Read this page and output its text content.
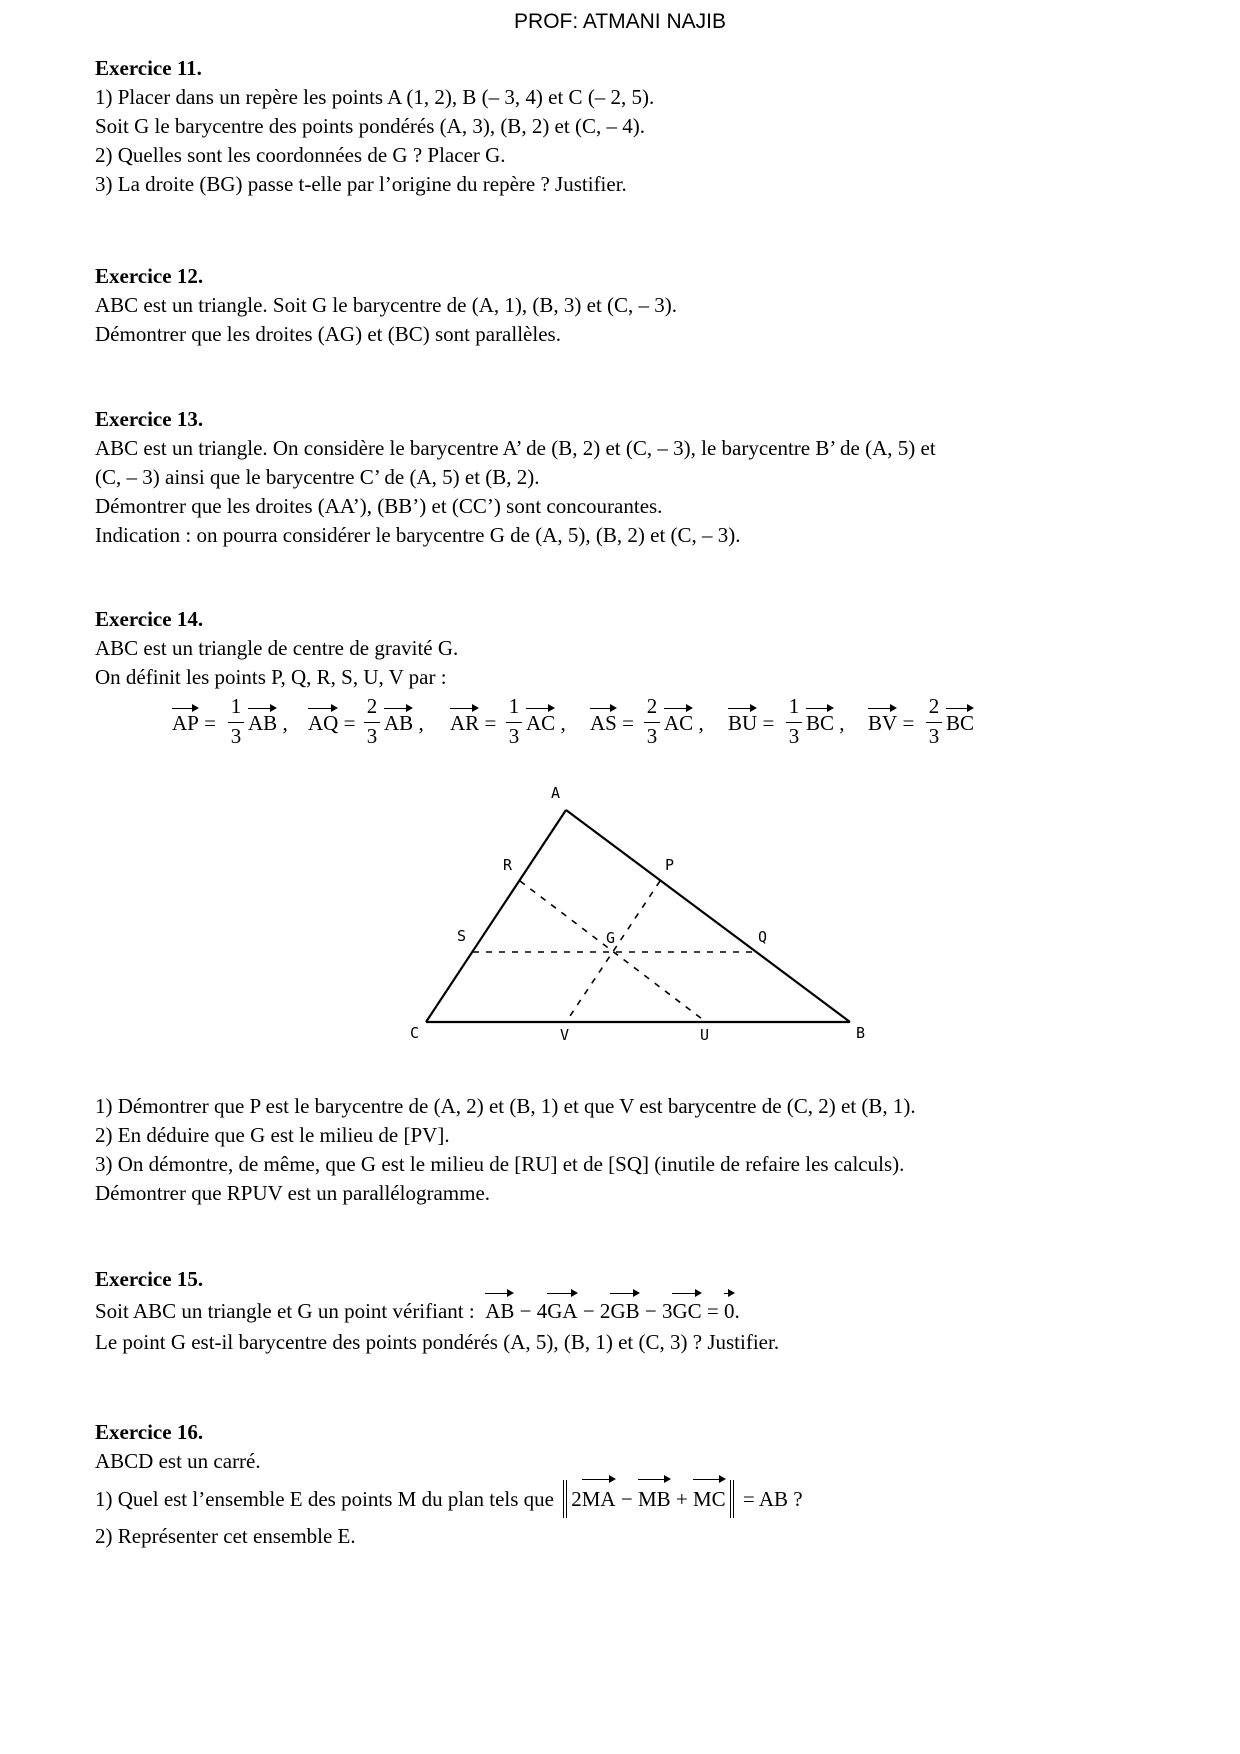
PROF: ATMANI NAJIB
Exercice 11.
1) Placer dans un repère les points A (1, 2), B (– 3, 4) et C (– 2, 5).
Soit G le barycentre des points pondérés (A, 3), (B, 2) et (C, – 4).
2) Quelles sont les coordonnées de G ? Placer G.
3) La droite (BG) passe t-elle par l’origine du repère ? Justifier.
Exercice 12.
ABC est un triangle. Soit G le barycentre de (A, 1), (B, 3) et (C, – 3).
Démontrer que les droites (AG) et (BC) sont parallèles.
Exercice 13.
ABC est un triangle. On considère le barycentre A’ de (B, 2) et (C, – 3), le barycentre B’ de (A, 5) et
(C, – 3) ainsi que le barycentre C’ de (A, 5) et (B, 2).
Démontrer que les droites (AA’), (BB’) et (CC’) sont concourantes.
Indication : on pourra considérer le barycentre G de (A, 5), (B, 2) et (C, – 3).
Exercice 14.
ABC est un triangle de centre de gravité G.
On définit les points P, Q, R, S, U, V par :
AP =
1
3
AB , AQ =
2
3
AB , AR =
1
3
AC , AS =
2
3
AC , BU =
1
3
BC , BV =
2
3
BC
A
B
C
G
P
Q
R
S
U
V
1) Démontrer que P est le barycentre de (A, 2) et (B, 1) et que V est barycentre de (C, 2) et (B, 1).
2) En déduire que G est le milieu de [PV].
3) On démontre, de même, que G est le milieu de [RU] et de [SQ] (inutile de refaire les calculs).
Démontrer que RPUV est un parallélogramme.
Exercice 15.
Soit ABC un triangle et G un point vérifiant : AB − 4GA − 2GB − 3GC = 0.
Le point G est-il barycentre des points pondérés (A, 5), (B, 1) et (C, 3) ? Justifier.
Exercice 16.
ABCD est un carré.
1) Quel est l’ensemble E des points M du plan tels que 2MA − MB + MC = AB ?
2) Représenter cet ensemble E.
